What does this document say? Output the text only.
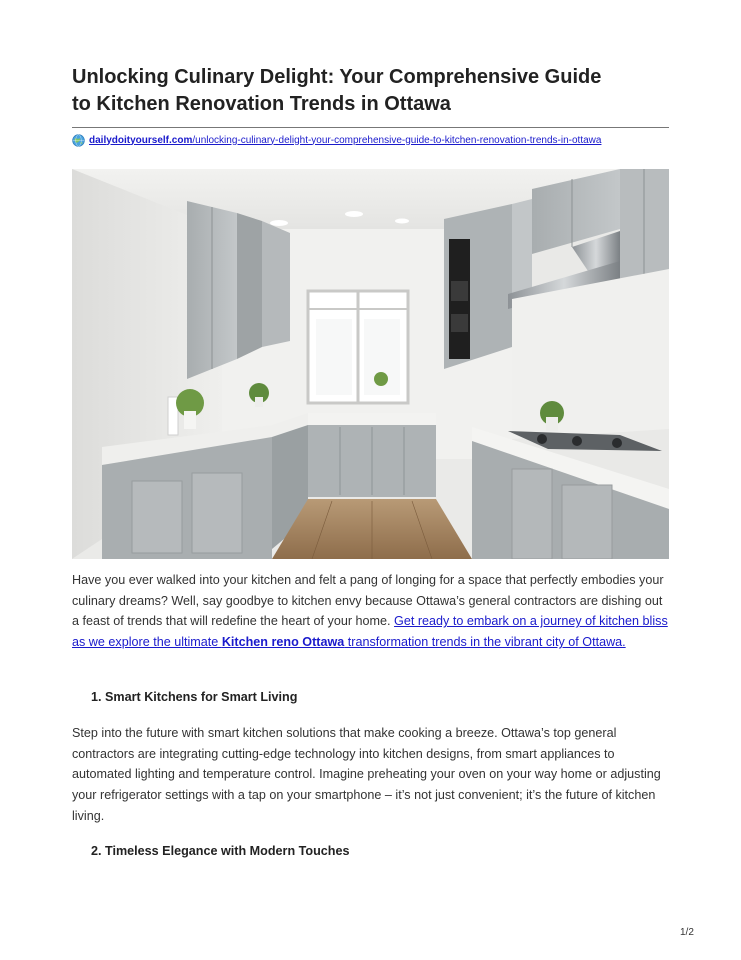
Unlocking Culinary Delight: Your Comprehensive Guide
to Kitchen Renovation Trends in Ottawa
dailydoityourself.com/unlocking-culinary-delight-your-comprehensive-guide-to-kitchen-renovation-trends-in-ottawa

Have you ever walked into your kitchen and felt a pang of longing for a space that perfectly embodies your culinary dreams? Well, say goodbye to kitchen envy because Ottawa’s general contractors are dishing out a feast of trends that will redefine the heart of your home. Get ready to embark on a journey of kitchen bliss as we explore the ultimate Kitchen reno Ottawa transformation trends in the vibrant city of Ottawa.

1. Smart Kitchens for Smart Living

Step into the future with smart kitchen solutions that make cooking a breeze. Ottawa’s top general contractors are integrating cutting-edge technology into kitchen designs, from smart appliances to automated lighting and temperature control. Imagine preheating your oven on your way home or adjusting your refrigerator settings with a tap on your smartphone – it’s not just convenient; it’s the future of kitchen living.

2. Timeless Elegance with Modern Touches

1/2
